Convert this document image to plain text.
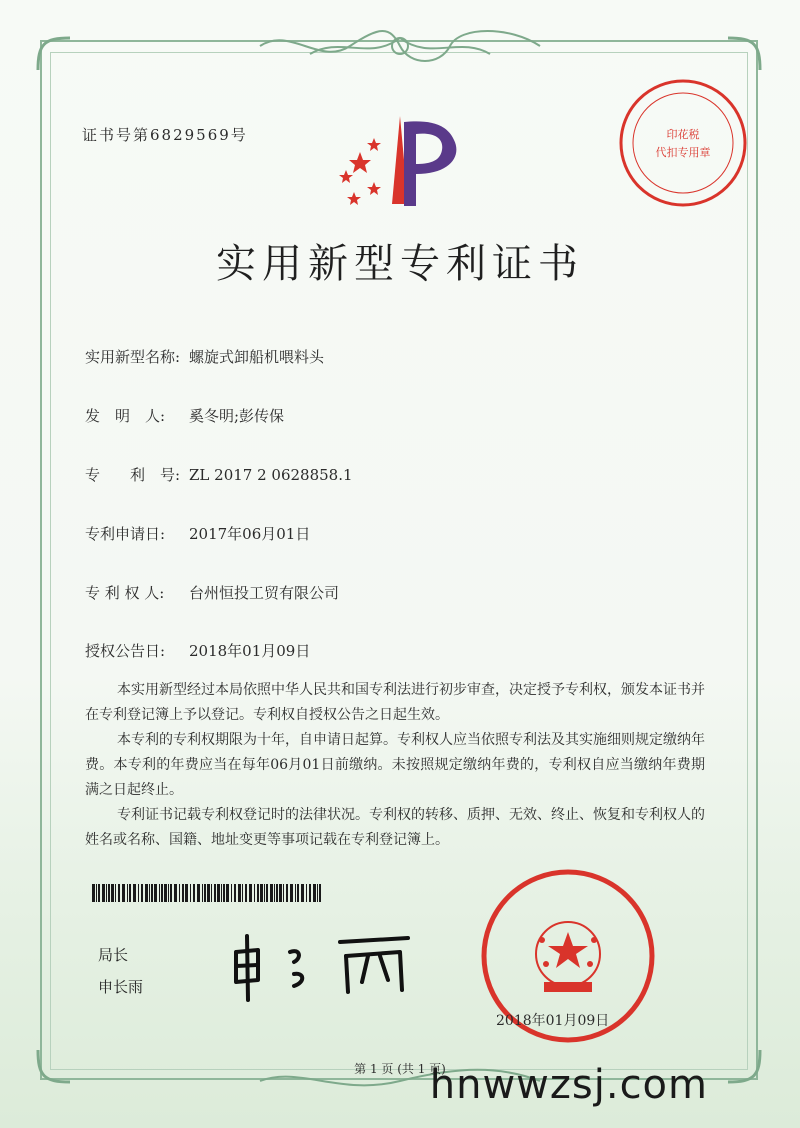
证书号第6829569号	印花税
代扣专用章
实用新型专利证书
实用新型名称: 螺旋式卸船机喂料头
发　明　人: 奚冬明;彭传保
专　　利　号: ZL 2017 2 0628858.1
专利申请日: 2017年06月01日
专 利 权 人: 台州恒投工贸有限公司
授权公告日: 2018年01月09日
本实用新型经过本局依照中华人民共和国专利法进行初步审查，决定授予专利权，颁发本证书并在专利登记簿上予以登记。专利权自授权公告之日起生效。
本专利的专利权期限为十年，自申请日起算。专利权人应当依照专利法及其实施细则规定缴纳年费。本专利的年费应当在每年06月01日前缴纳。未按照规定缴纳年费的，专利权自应当缴纳年费期满之日起终止。
专利证书记载专利权登记时的法律状况。专利权的转移、质押、无效、终止、恢复和专利权人的姓名或名称、国籍、地址变更等事项记载在专利登记簿上。
局长
申长雨
2018年01月09日
第 1 页 (共 1 页)
hnwwzsj.com
